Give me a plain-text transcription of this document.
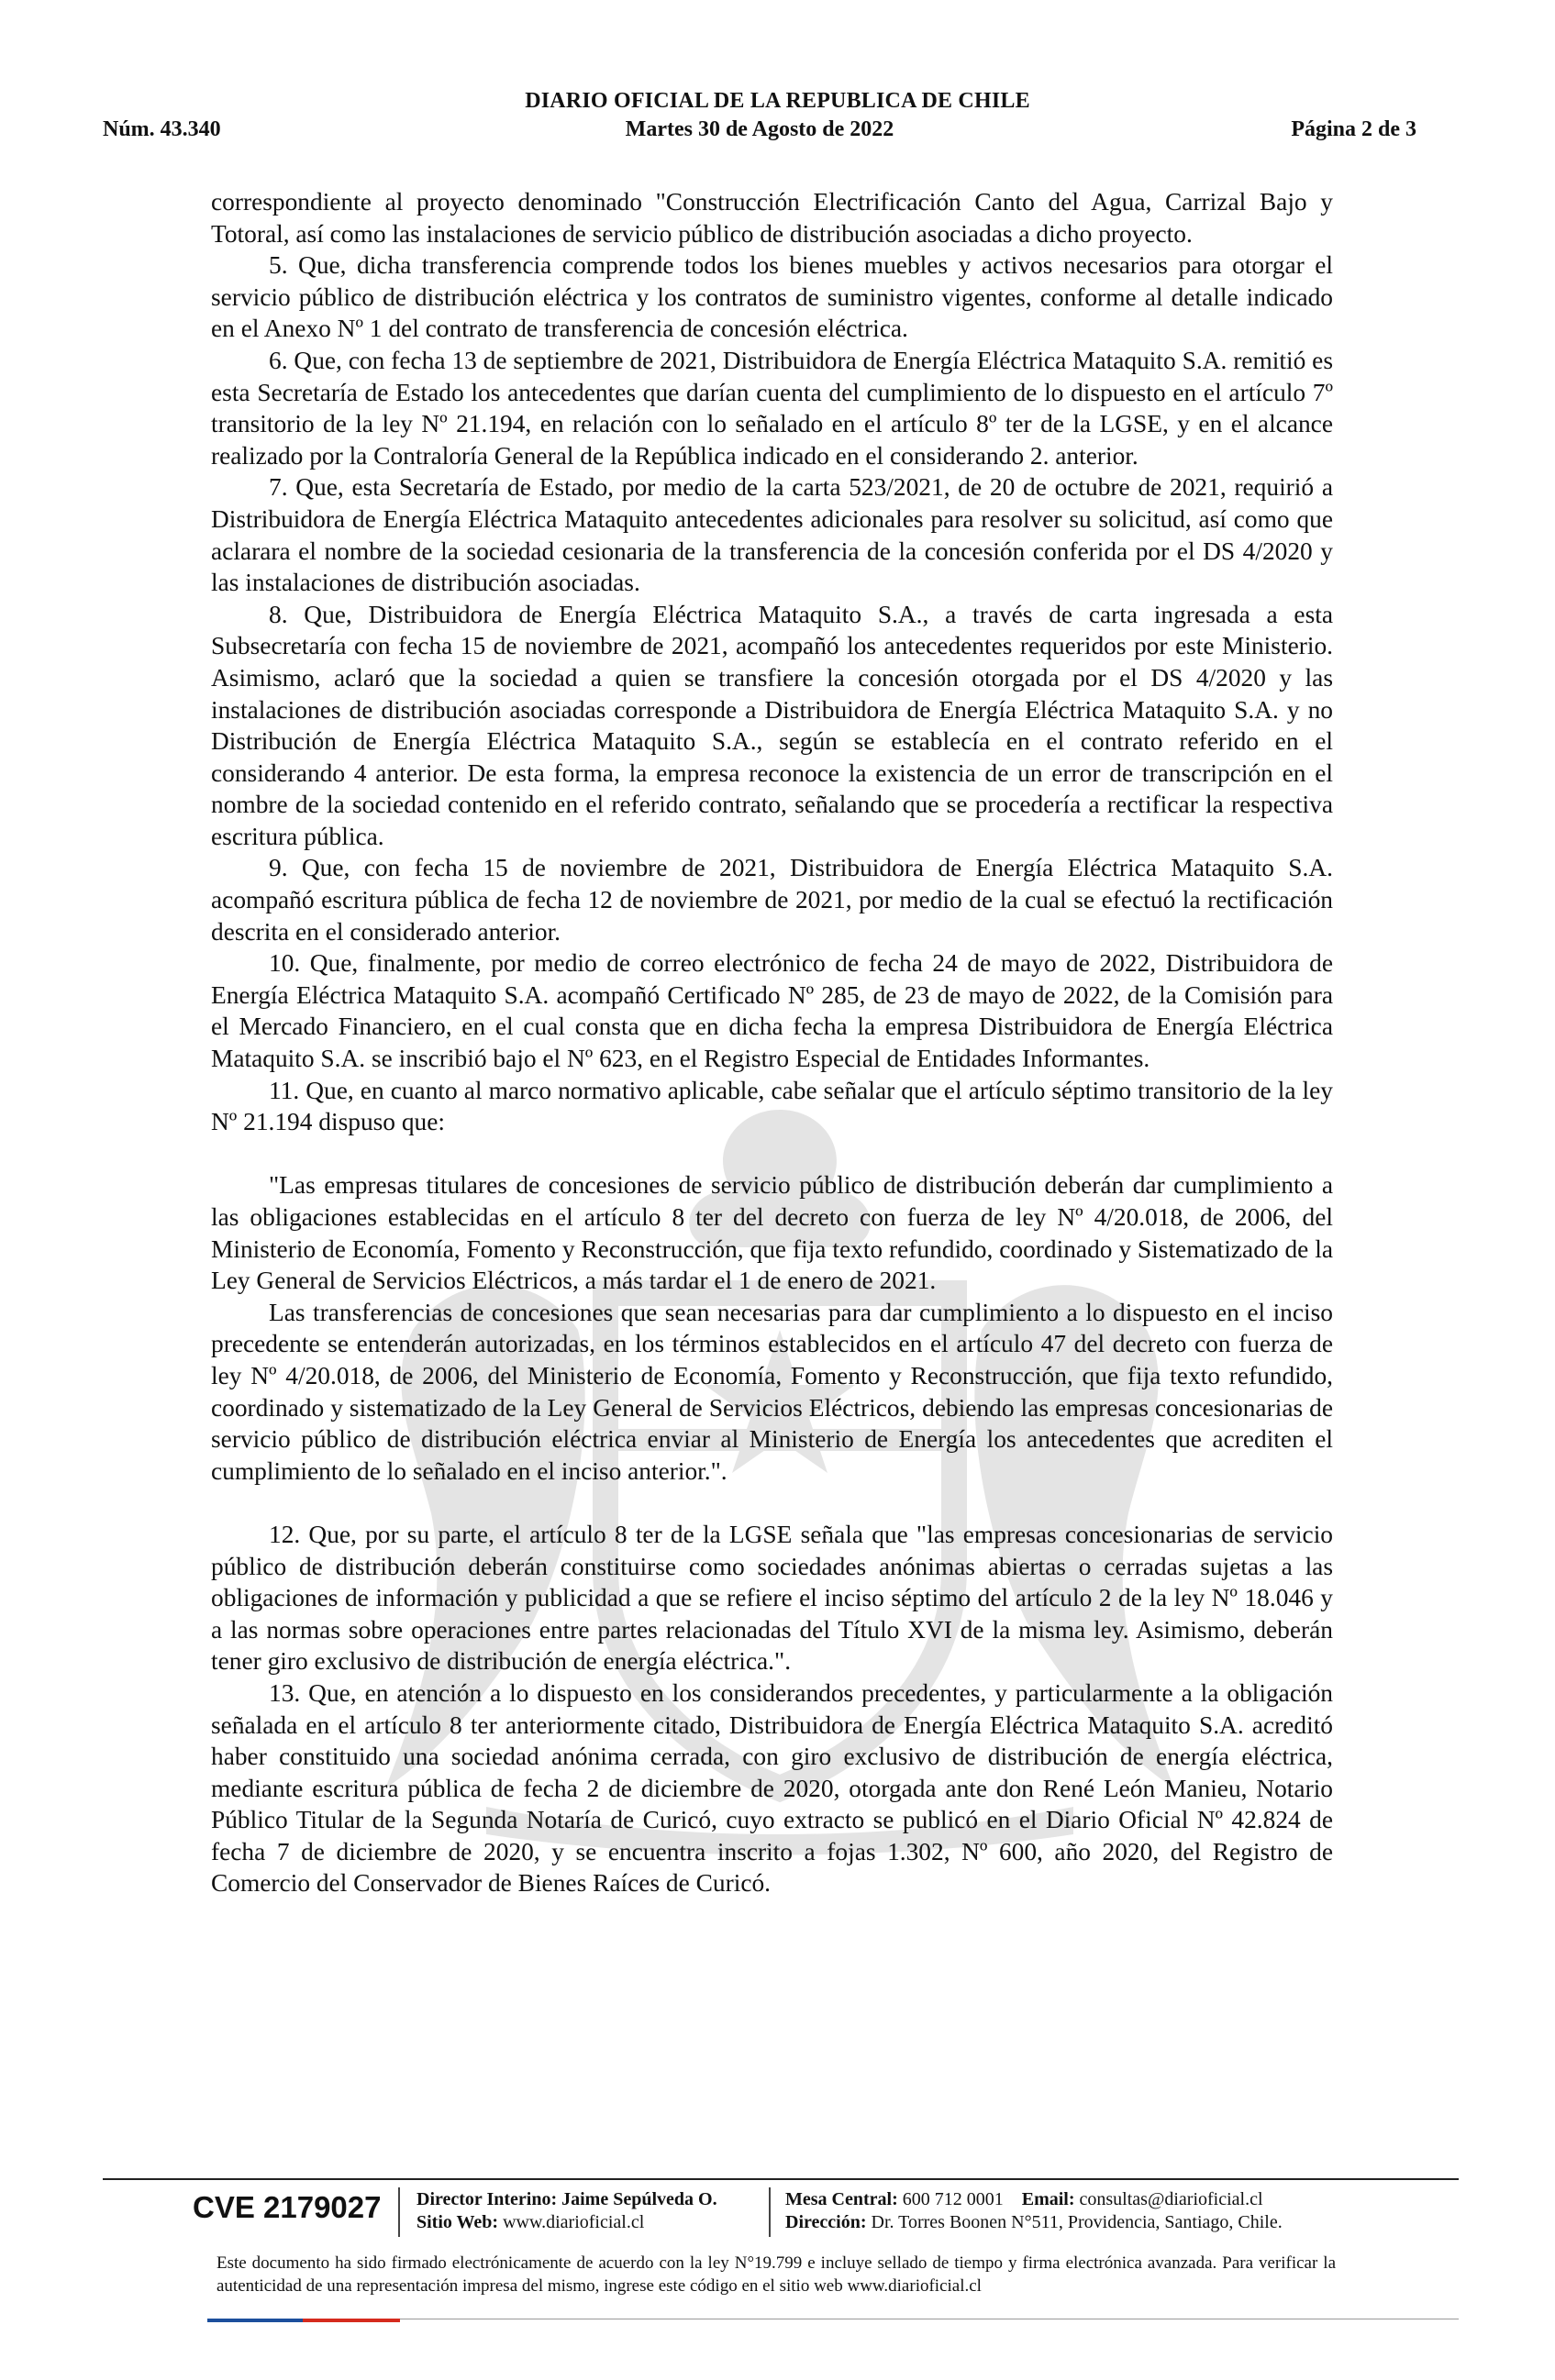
DIARIO OFICIAL DE LA REPUBLICA DE CHILE
Martes 30 de Agosto de 2022
Núm. 43.340	Página 2 de 3

correspondiente al proyecto denominado "Construcción Electrificación Canto del Agua, Carrizal Bajo y Totoral, así como las instalaciones de servicio público de distribución asociadas a dicho proyecto.

5. Que, dicha transferencia comprende todos los bienes muebles y activos necesarios para otorgar el servicio público de distribución eléctrica y los contratos de suministro vigentes, conforme al detalle indicado en el Anexo Nº 1 del contrato de transferencia de concesión eléctrica.

6. Que, con fecha 13 de septiembre de 2021, Distribuidora de Energía Eléctrica Mataquito S.A. remitió es esta Secretaría de Estado los antecedentes que darían cuenta del cumplimiento de lo dispuesto en el artículo 7º transitorio de la ley Nº 21.194, en relación con lo señalado en el artículo 8º ter de la LGSE, y en el alcance realizado por la Contraloría General de la República indicado en el considerando 2. anterior.

7. Que, esta Secretaría de Estado, por medio de la carta 523/2021, de 20 de octubre de 2021, requirió a Distribuidora de Energía Eléctrica Mataquito antecedentes adicionales para resolver su solicitud, así como que aclarara el nombre de la sociedad cesionaria de la transferencia de la concesión conferida por el DS 4/2020 y las instalaciones de distribución asociadas.

8. Que, Distribuidora de Energía Eléctrica Mataquito S.A., a través de carta ingresada a esta Subsecretaría con fecha 15 de noviembre de 2021, acompañó los antecedentes requeridos por este Ministerio. Asimismo, aclaró que la sociedad a quien se transfiere la concesión otorgada por el DS 4/2020 y las instalaciones de distribución asociadas corresponde a Distribuidora de Energía Eléctrica Mataquito S.A. y no Distribución de Energía Eléctrica Mataquito S.A., según se establecía en el contrato referido en el considerando 4 anterior. De esta forma, la empresa reconoce la existencia de un error de transcripción en el nombre de la sociedad contenido en el referido contrato, señalando que se procedería a rectificar la respectiva escritura pública.

9. Que, con fecha 15 de noviembre de 2021, Distribuidora de Energía Eléctrica Mataquito S.A. acompañó escritura pública de fecha 12 de noviembre de 2021, por medio de la cual se efectuó la rectificación descrita en el considerado anterior.

10. Que, finalmente, por medio de correo electrónico de fecha 24 de mayo de 2022, Distribuidora de Energía Eléctrica Mataquito S.A. acompañó Certificado Nº 285, de 23 de mayo de 2022, de la Comisión para el Mercado Financiero, en el cual consta que en dicha fecha la empresa Distribuidora de Energía Eléctrica Mataquito S.A. se inscribió bajo el Nº 623, en el Registro Especial de Entidades Informantes.

11. Que, en cuanto al marco normativo aplicable, cabe señalar que el artículo séptimo transitorio de la ley Nº 21.194 dispuso que:

"Las empresas titulares de concesiones de servicio público de distribución deberán dar cumplimiento a las obligaciones establecidas en el artículo 8 ter del decreto con fuerza de ley Nº 4/20.018, de 2006, del Ministerio de Economía, Fomento y Reconstrucción, que fija texto refundido, coordinado y Sistematizado de la Ley General de Servicios Eléctricos, a más tardar el 1 de enero de 2021.

Las transferencias de concesiones que sean necesarias para dar cumplimiento a lo dispuesto en el inciso precedente se entenderán autorizadas, en los términos establecidos en el artículo 47 del decreto con fuerza de ley Nº 4/20.018, de 2006, del Ministerio de Economía, Fomento y Reconstrucción, que fija texto refundido, coordinado y sistematizado de la Ley General de Servicios Eléctricos, debiendo las empresas concesionarias de servicio público de distribución eléctrica enviar al Ministerio de Energía los antecedentes que acrediten el cumplimiento de lo señalado en el inciso anterior.".

12. Que, por su parte, el artículo 8 ter de la LGSE señala que "las empresas concesionarias de servicio público de distribución deberán constituirse como sociedades anónimas abiertas o cerradas sujetas a las obligaciones de información y publicidad a que se refiere el inciso séptimo del artículo 2 de la ley Nº 18.046 y a las normas sobre operaciones entre partes relacionadas del Título XVI de la misma ley. Asimismo, deberán tener giro exclusivo de distribución de energía eléctrica.".

13. Que, en atención a lo dispuesto en los considerandos precedentes, y particularmente a la obligación señalada en el artículo 8 ter anteriormente citado, Distribuidora de Energía Eléctrica Mataquito S.A. acreditó haber constituido una sociedad anónima cerrada, con giro exclusivo de distribución de energía eléctrica, mediante escritura pública de fecha 2 de diciembre de 2020, otorgada ante don René León Manieu, Notario Público Titular de la Segunda Notaría de Curicó, cuyo extracto se publicó en el Diario Oficial Nº 42.824 de fecha 7 de diciembre de 2020, y se encuentra inscrito a fojas 1.302, Nº 600, año 2020, del Registro de Comercio del Conservador de Bienes Raíces de Curicó.

CVE 2179027 Director Interino: Jaime Sepúlveda O.
Sitio Web: www.diarioficial.cl
Mesa Central: 600 712 0001 Email: consultas@diarioficial.cl
Dirección: Dr. Torres Boonen N°511, Providencia, Santiago, Chile.
Este documento ha sido firmado electrónicamente de acuerdo con la ley N°19.799 e incluye sellado de tiempo y firma electrónica avanzada. Para verificar la autenticidad de una representación impresa del mismo, ingrese este código en el sitio web www.diarioficial.cl
